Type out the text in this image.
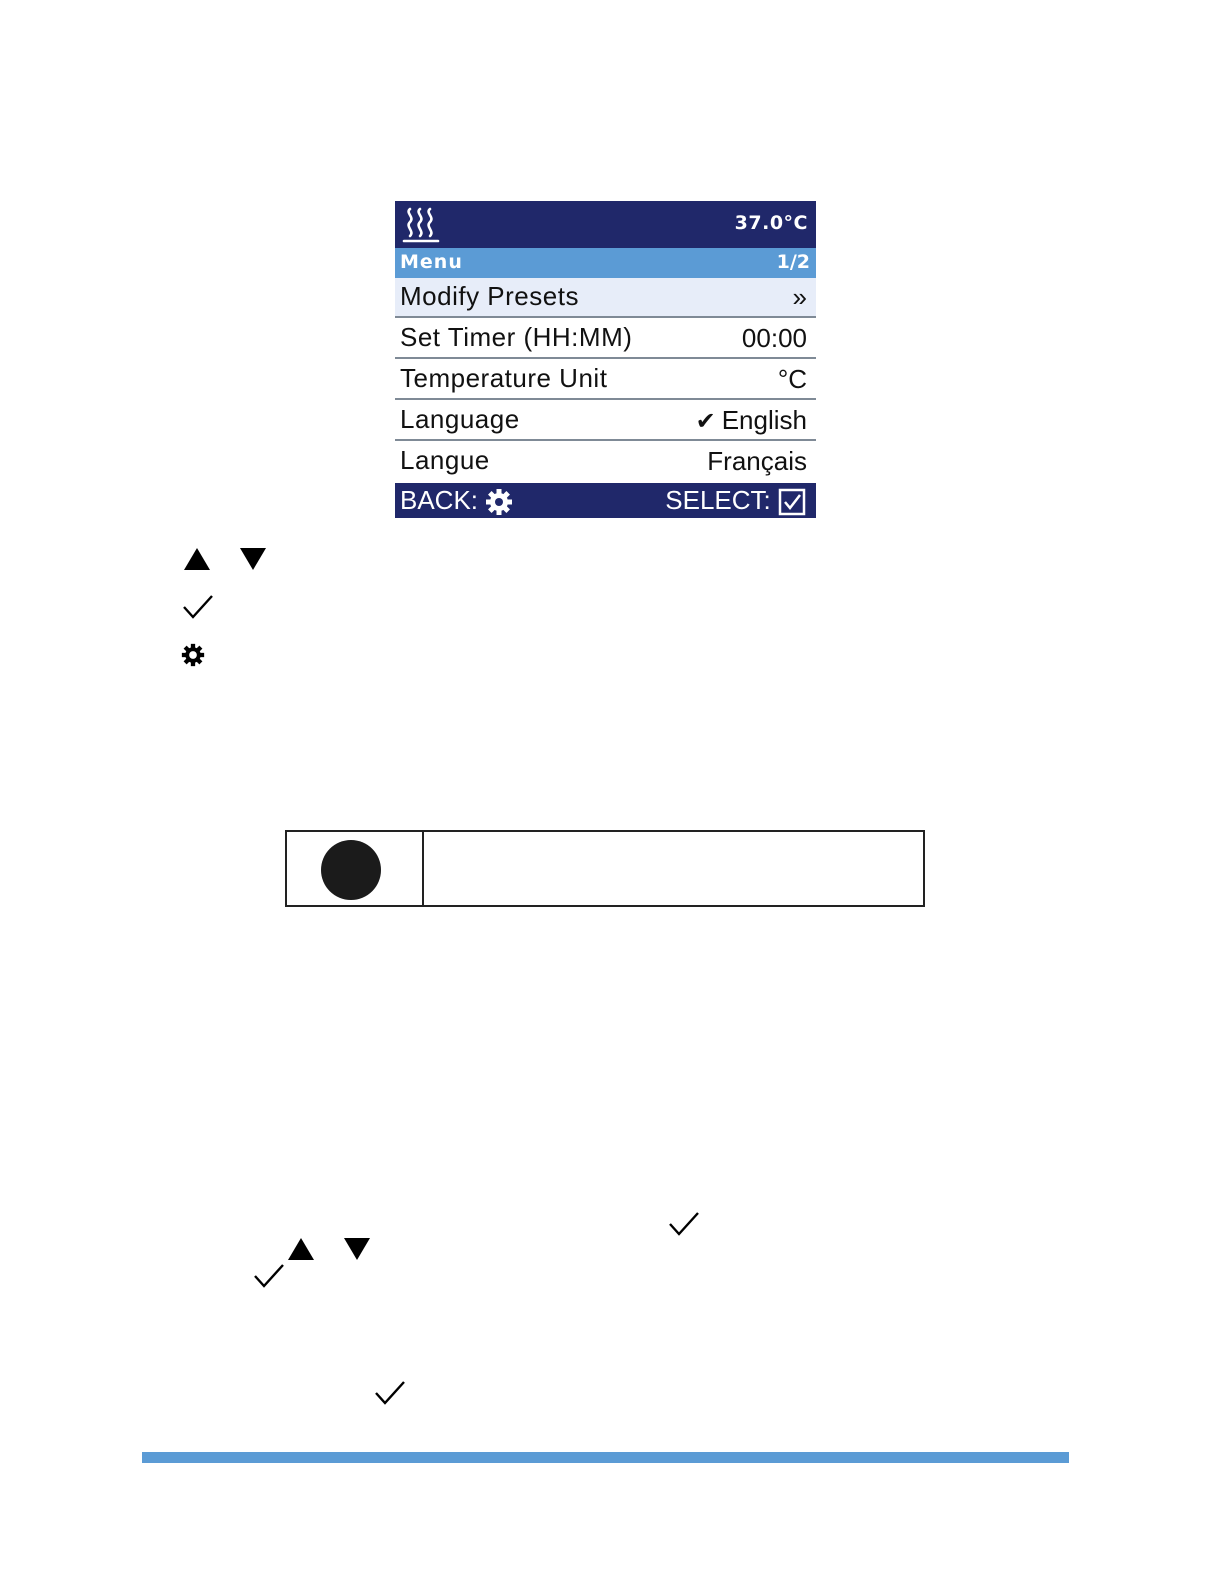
37.0°C
Menu	1/2
Modify Presets	»
Set Timer (HH:MM)	00:00
Temperature Unit	°C
Language	✔ English
Langue	Français
BACK:	SELECT:
